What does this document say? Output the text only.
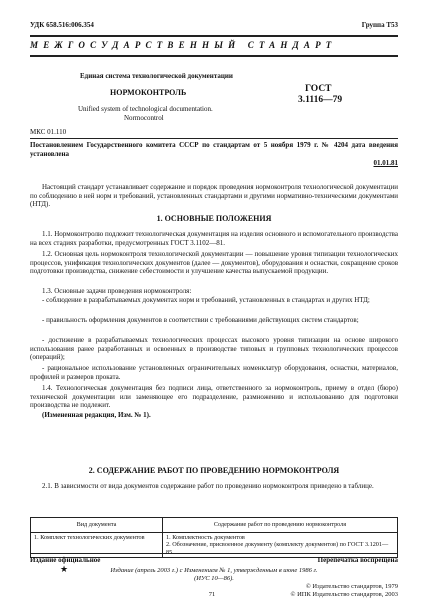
УДК 658.516:006.354	Группа Т53
МЕЖГОСУДАРСТВЕННЫЙ СТАНДАРТ
Единая система технологической документации
НОРМОКОНТРОЛЬ	ГОСТ
3.1116—79
Unified system of technological documentation.
Normocontrol
МКС 01.110
Постановлением Государственного комитета СССР по стандартам от 5 ноября 1979 г. № 4204 дата введения установлена
01.01.81
Настоящий стандарт устанавливает содержание и порядок проведения нормоконтроля технологической документации по соблюдению в ней норм и требований, установленных стандартами и другими нормативно-техническими документами (НТД).
1. ОСНОВНЫЕ ПОЛОЖЕНИЯ
1.1. Нормоконтролю подлежит технологическая документация на изделия основного и вспомогательного производства на всех стадиях разработки, предусмотренных ГОСТ 3.1102—81.
1.2. Основная цель нормоконтроля технологической документации — повышение уровня типизации технологических процессов, унификация технологических документов (далее — документов), оборудования и оснастки, сокращение сроков подготовки производства, снижение себестоимости и улучшение качества выпускаемой продукции.
1.3. Основные задачи проведения нормоконтроля:
- соблюдение в разрабатываемых документах норм и требований, установленных в стандартах и других НТД;
- правильность оформления документов в соответствии с требованиями действующих систем стандартов;
- достижение в разрабатываемых технологических процессах высокого уровня типизации на основе широкого использования ранее разработанных и освоенных в производстве типовых и групповых технологических процессов (операций);
- рациональное использование установленных ограничительных номенклатур оборудования, оснастки, материалов, профилей и размеров проката.
1.4. Технологическая документация без подписи лица, ответственного за нормоконтроль, приему в отдел (бюро) технической документации или заменяющее его подразделение, размножению и использованию для подготовки производства не подлежит.
(Измененная редакция, Изм. № 1).
2. СОДЕРЖАНИЕ РАБОТ ПО ПРОВЕДЕНИЮ НОРМОКОНТРОЛЯ
2.1. В зависимости от вида документов содержание работ по проведению нормоконтроля приведено в таблице.
Вид документа	Содержание работ по проведению нормоконтроля
1. Комплект технологических документов	1. Комплектность документов
2. Обозначение, присвоенное документу (комплекту документов) по ГОСТ 3.1201—85
Издание официальное	Перепечатка воспрещена
★	Издание (апрель 2003 г.) с Изменением № 1, утвержденным в июне 1986 г.
(ИУС 10—86).
© Издательство стандартов, 1979
© ИПК Издательство стандартов, 2003
71
